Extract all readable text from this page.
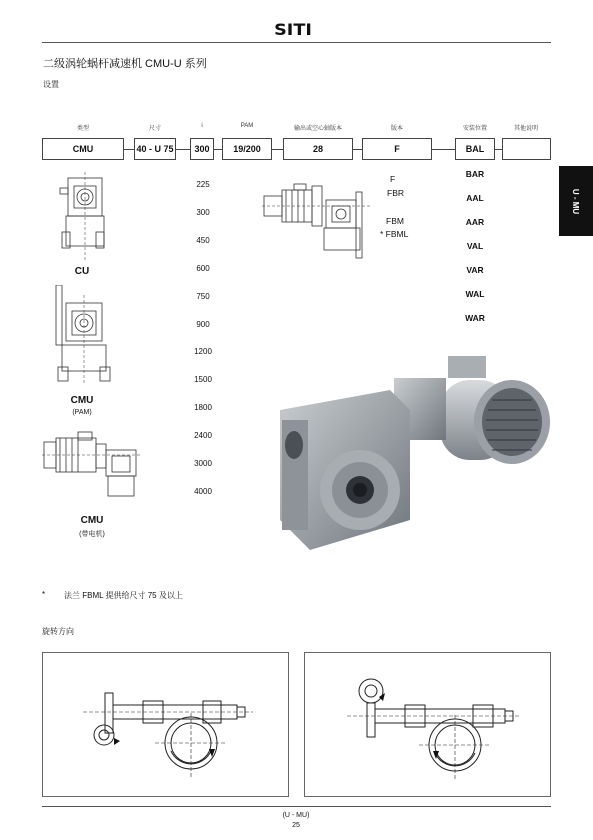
SITI
二级涡轮蜗杆减速机 CMU-U 系列
设置
U - MU
类型	尺寸	i	PAM	输出或空心轴版本	版本	安装位置	其他说明
CMU	40 - U 75	300	19/200	28	F	BAL
225
300
450
600
750
900
1200
1500
1800
2400
3000
4000
F
FBR
FBM
* FBML
BAR
AAL
AAR
VAL
VAR
WAL
WAR
CU
CMU
(PAM)
CMU
(带电机)
* 法兰 FBML 提供给尺寸 75 及以上
旋转方向
(U - MU)
25
